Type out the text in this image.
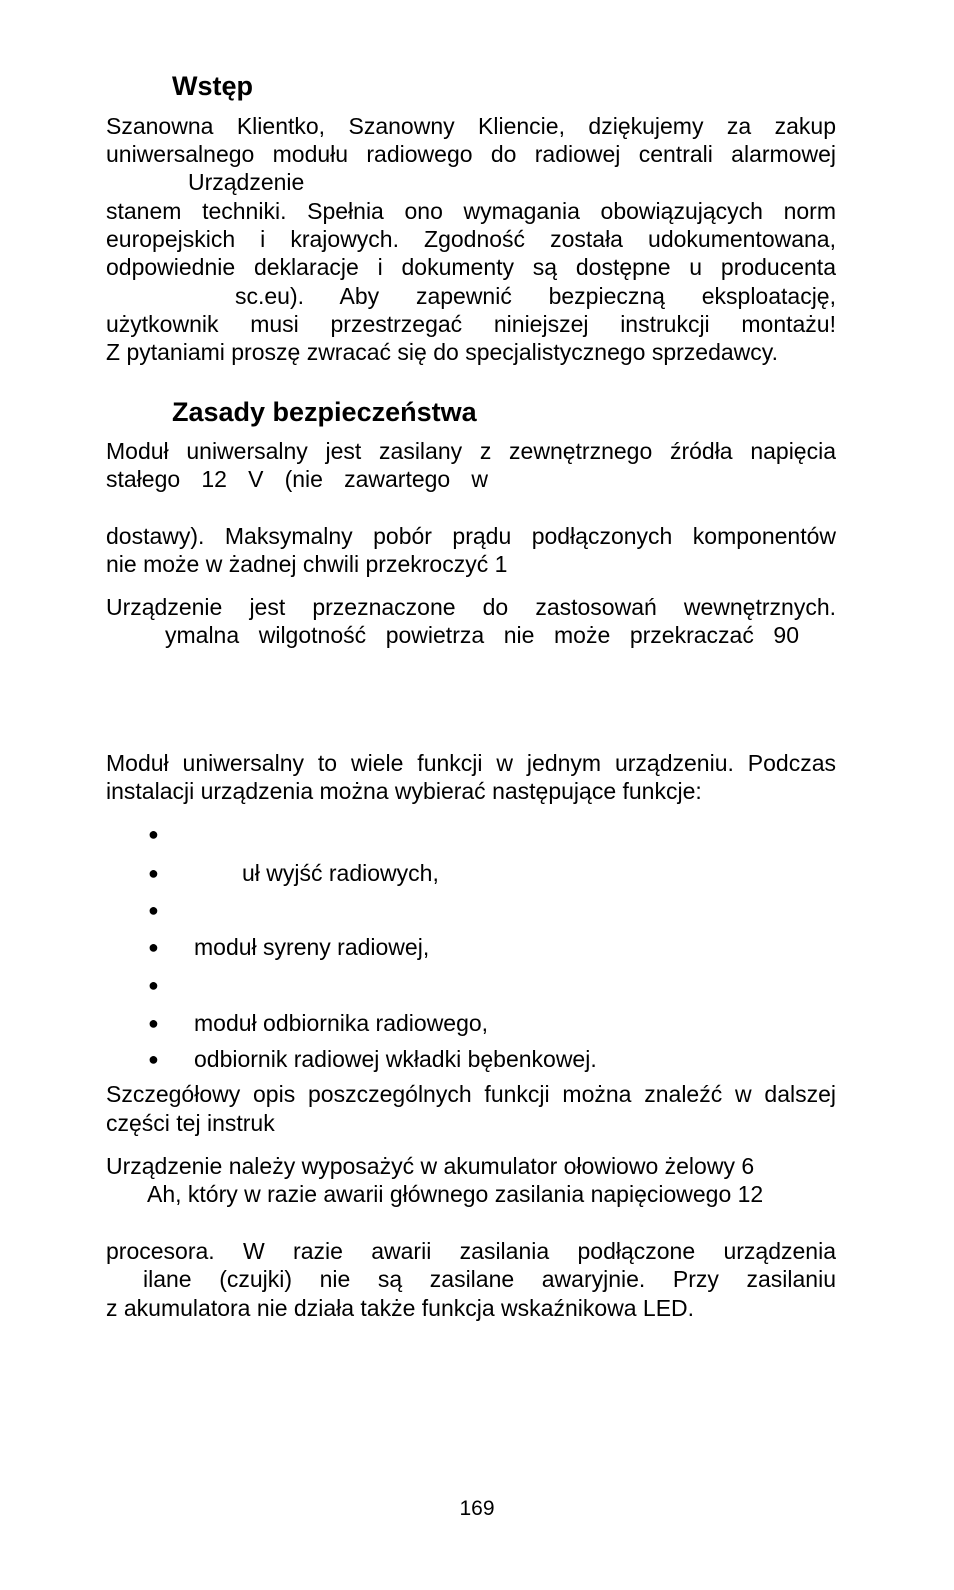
Wstęp
Szanowna Klientko, Szanowny Kliencie, dziękujemy za zakup
uniwersalnego modułu radiowego do radiowej centrali alarmowej
Urządzenie
stanem techniki. Spełnia ono wymagania obowiązujących norm
europejskich i krajowych. Zgodność została udokumentowana,
odpowiednie deklaracje i dokumenty są dostępne u producenta
sc.eu). Aby zapewnić bezpieczną eksploatację,
użytkownik musi przestrzegać niniejszej instrukcji montażu!
Z pytaniami proszę zwracać się do specjalistycznego sprzedawcy.
Zasady bezpieczeństwa
Moduł uniwersalny jest zasilany z zewnętrznego źródła napięcia
stałego 12 V (nie zawartego w
dostawy). Maksymalny pobór prądu podłączonych komponentów
nie może w żadnej chwili przekroczyć 1
Urządzenie jest przeznaczone do zastosowań wewnętrznych.
ymalna wilgotność powietrza nie może przekraczać 90
Moduł uniwersalny to wiele funkcji w jednym urządzeniu. Podczas
instalacji urządzenia można wybierać następujące funkcje:
●
●	uł wyjść radiowych,
●
● moduł syreny radiowej,
●
● moduł odbiornika radiowego,
● odbiornik radiowej wkładki bębenkowej.
Szczegółowy opis poszczególnych funkcji można znaleźć w dalszej
części tej instruk
Urządzenie należy wyposażyć w akumulator ołowiowo żelowy 6
Ah, który w razie awarii głównego zasilania napięciowego 12
procesora. W razie awarii zasilania podłączone urządzenia
ilane (czujki) nie są zasilane awaryjnie. Przy zasilaniu
z akumulatora nie działa także funkcja wskaźnikowa LED.
169
